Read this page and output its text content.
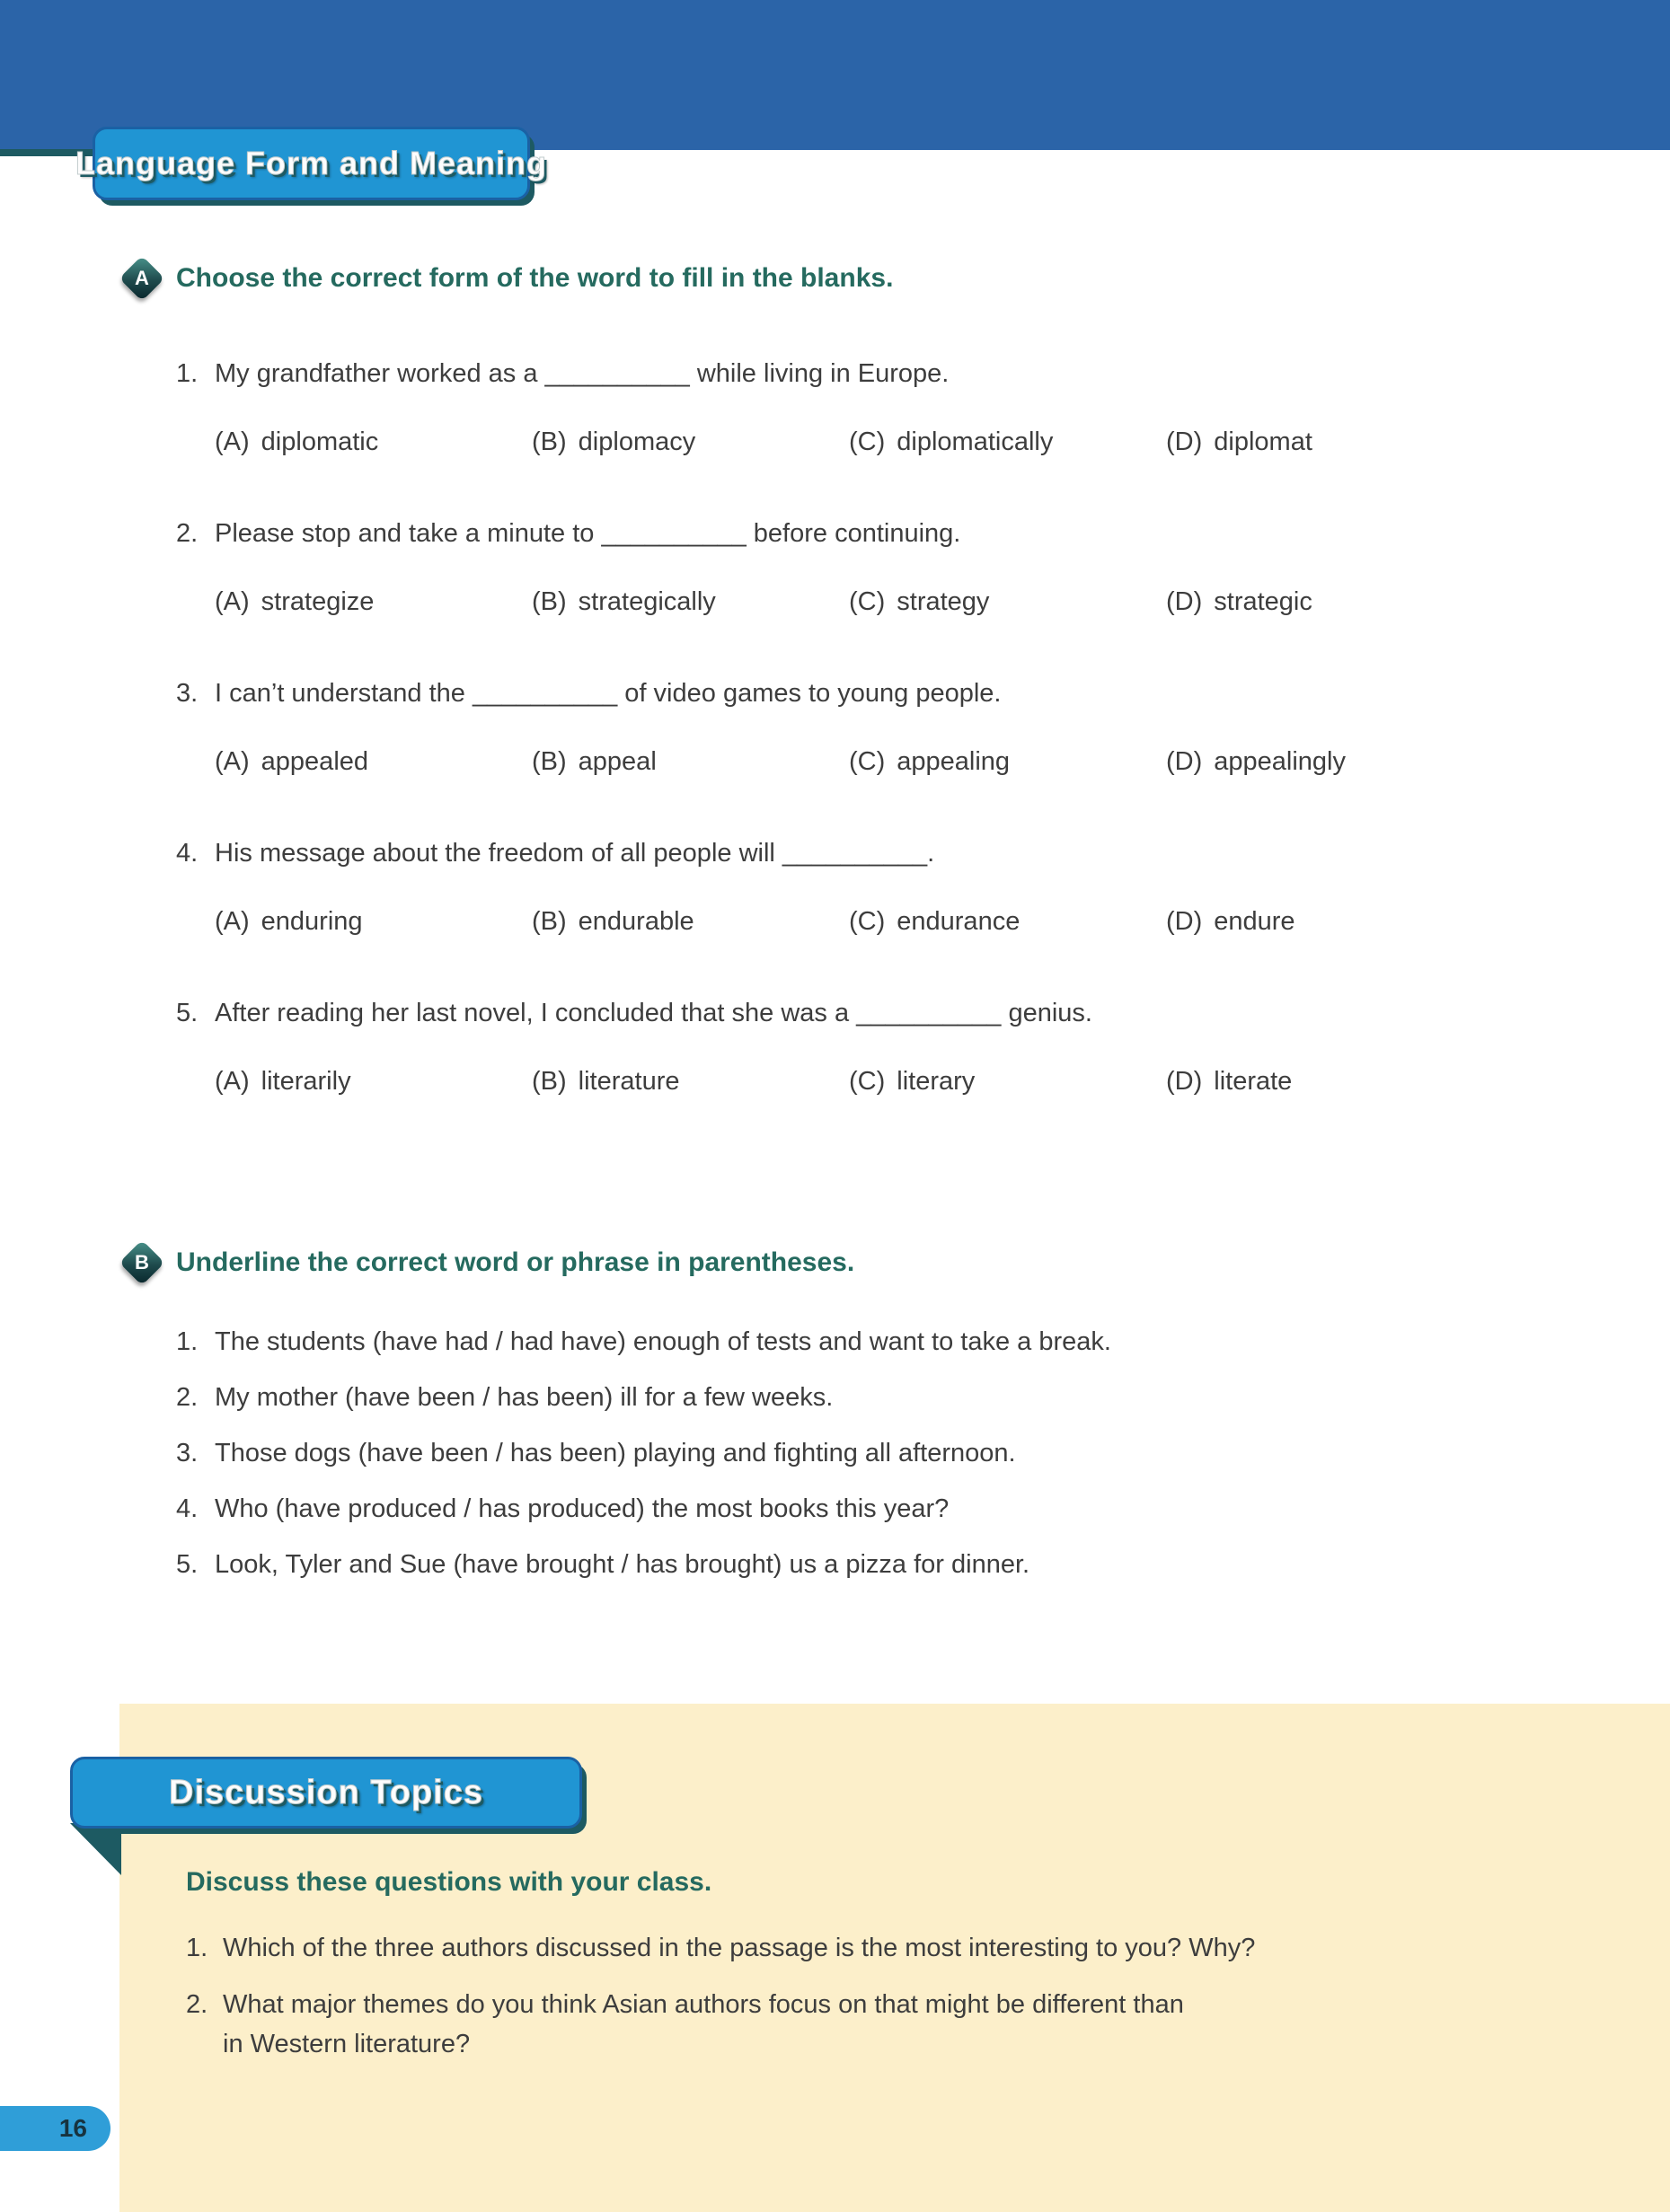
Language Form and Meaning
A Choose the correct form of the word to fill in the blanks.
1. My grandfather worked as a __________ while living in Europe.
(A) diplomatic	(B) diplomacy	(C) diplomatically	(D) diplomat
2. Please stop and take a minute to __________ before continuing.
(A) strategize	(B) strategically	(C) strategy	(D) strategic
3. I can’t understand the __________ of video games to young people.
(A) appealed	(B) appeal	(C) appealing	(D) appealingly
4. His message about the freedom of all people will __________.
(A) enduring	(B) endurable	(C) endurance	(D) endure
5. After reading her last novel, I concluded that she was a __________ genius.
(A) literarily	(B) literature	(C) literary	(D) literate
B Underline the correct word or phrase in parentheses.
1. The students (have had / had have) enough of tests and want to take a break.
2. My mother (have been / has been) ill for a few weeks.
3. Those dogs (have been / has been) playing and fighting all afternoon.
4. Who (have produced / has produced) the most books this year?
5. Look, Tyler and Sue (have brought / has brought) us a pizza for dinner.
Discuss these questions with your class.
1. Which of the three authors discussed in the passage is the most interesting to you? Why?
2. What major themes do you think Asian authors focus on that might be different than
in Western literature?
Discussion Topics
16
